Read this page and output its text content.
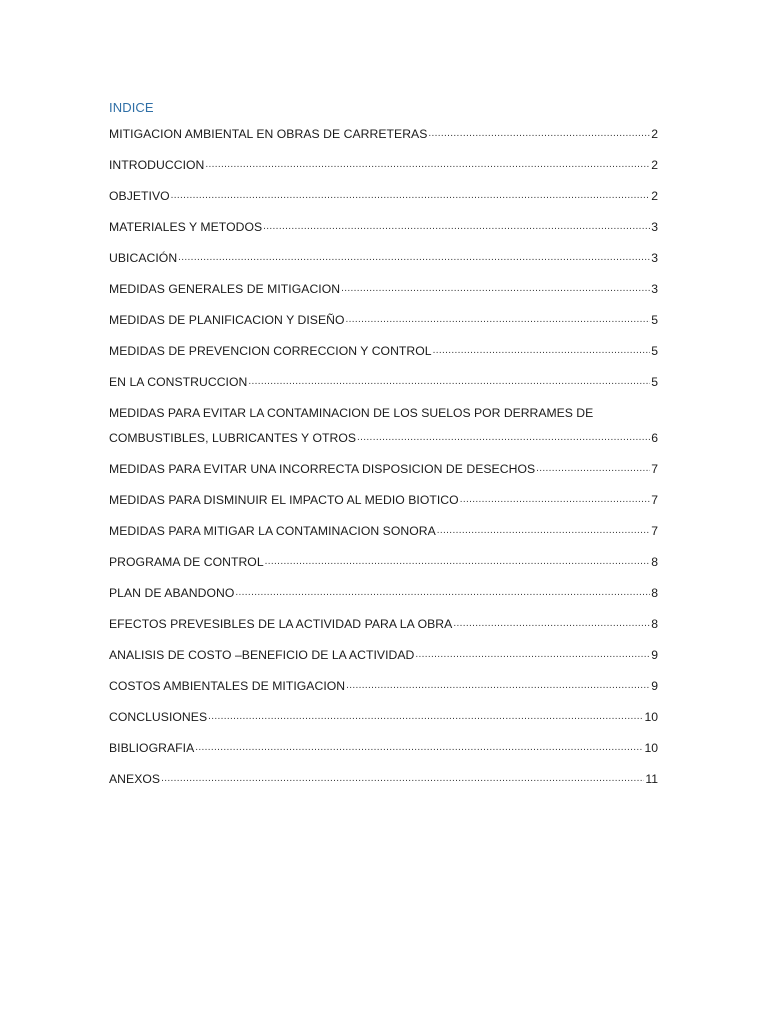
INDICE
MITIGACION AMBIENTAL EN OBRAS DE CARRETERAS .....	2
INTRODUCCION .....	2
OBJETIVO .....	2
MATERIALES Y METODOS .....	3
UBICACIÓN .....	3
MEDIDAS GENERALES DE MITIGACION .....	3
MEDIDAS DE PLANIFICACION Y DISEÑO .....	5
MEDIDAS DE PREVENCION CORRECCION Y CONTROL .....	5
EN LA CONSTRUCCION .....	5
MEDIDAS PARA EVITAR LA CONTAMINACION DE LOS SUELOS POR DERRAMES DE
COMBUSTIBLES, LUBRICANTES Y OTROS .....	6
MEDIDAS PARA EVITAR UNA INCORRECTA DISPOSICION DE DESECHOS .....	7
MEDIDAS PARA DISMINUIR EL IMPACTO AL MEDIO BIOTICO .....	7
MEDIDAS PARA MITIGAR LA CONTAMINACION SONORA .....	7
PROGRAMA DE CONTROL .....	8
PLAN DE ABANDONO .....	8
EFECTOS PREVESIBLES DE LA ACTIVIDAD PARA LA OBRA .....	8
ANALISIS DE COSTO –BENEFICIO DE LA ACTIVIDAD .....	9
COSTOS AMBIENTALES DE MITIGACION .....	9
CONCLUSIONES .....	10
BIBLIOGRAFIA .....	10
ANEXOS .....	11
